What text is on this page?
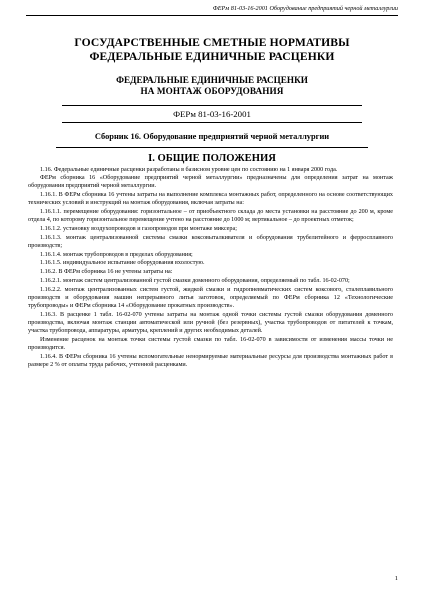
ФЕРм 81-03-16-2001 Оборудование предприятий черной металлургии
ГОСУДАРСТВЕННЫЕ СМЕТНЫЕ НОРМАТИВЫ
ФЕДЕРАЛЬНЫЕ ЕДИНИЧНЫЕ РАСЦЕНКИ
ФЕДЕРАЛЬНЫЕ ЕДИНИЧНЫЕ РАСЦЕНКИ
НА МОНТАЖ ОБОРУДОВАНИЯ
ФЕРм 81-03-16-2001
Сборник 16. Оборудование предприятий черной металлургии
I. ОБЩИЕ ПОЛОЖЕНИЯ

1.16. Федеральные единичные расценки разработаны в базисном уровне цен по состоянию на 1 января 2000 года.

ФЕРм сборника 16 «Оборудование предприятий черной металлургии» предназначены для определения затрат на монтаж оборудования предприятий черной металлургии.

1.16.1. В ФЕРм сборника 16 учтены затраты на выполнение комплекса монтажных работ, определенного на основе соответствующих технических условий и инструкций на монтаж оборудования, включая затраты на:

1.16.1.1. перемещение оборудования: горизонтальное – от приобъектного склада до места установки на расстояние до 200 м, кроме отдела 4, по которому горизонтальное перемещение учтено на расстояние до 1000 м; вертикальное – до проектных отметок;

1.16.1.2. установку воздухопроводов и газопроводов при монтаже миксера;

1.16.1.3. монтаж централизованной системы смазки коксовыталкивателя и оборудования трубелитейного и ферросплавного производств;

1.16.1.4. монтаж трубопроводов в пределах оборудования;

1.16.1.5. индивидуальное испытание оборудования вхолостую.

1.16.2. В ФЕРм сборника 16 не учтены затраты на:

1.16.2.1. монтаж систем централизованной густой смазки доменного оборудования, определяемый по табл. 16-02-070;

1.16.2.2. монтаж централизованных систем густой, жидкой смазки и гидропневматических систем коксового, сталеплавильного производств и оборудования машин непрерывного литья заготовок, определяемый по ФЕРм сборника 12 «Технологические трубопроводы» и ФЕРм сборника 14 «Оборудование прокатных производств».

1.16.3. В расценке 1 табл. 16-02-070 учтены затраты на монтаж одной точки системы густой смазки оборудования доменного производства, включая монтаж станции автоматической или ручной (без резервных), участка трубопроводов от питателей к точкам, участка трубопровода, аппаратуры, арматуры, креплений и других необходимых деталей.

Изменение расценок на монтаж точки системы густой смазки по табл. 16-02-070 в зависимости от изменения массы точки не производится.

1.16.4. В ФЕРм сборника 16 учтены вспомогательные ненормируемые материальные ресурсы для производства монтажных работ в размере 2 % от оплаты труда рабочих, учтенной расценками.

1
